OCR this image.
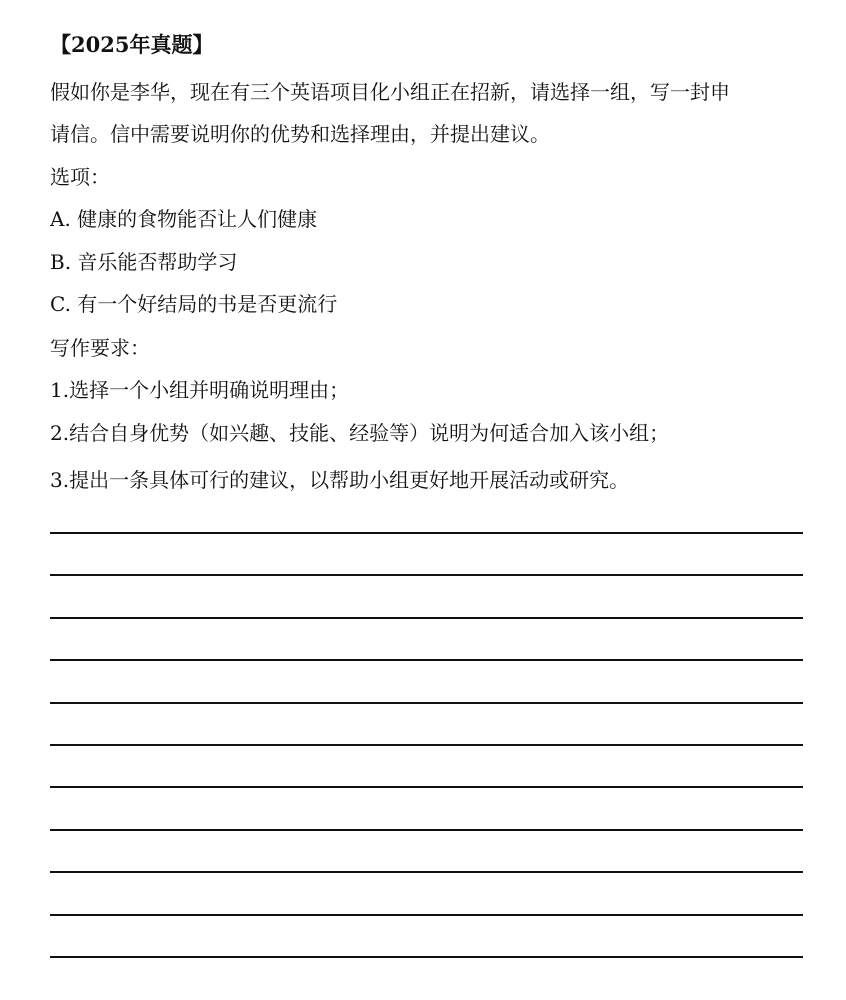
【2025年真题】
假如你是李华，现在有三个英语项目化小组正在招新，请选择一组，写一封申
请信。信中需要说明你的优势和选择理由，并提出建议。
选项：
A. 健康的食物能否让人们健康
B. 音乐能否帮助学习
C. 有一个好结局的书是否更流行
写作要求：
1.选择一个小组并明确说明理由；
2.结合自身优势（如兴趣、技能、经验等）说明为何适合加入该小组；
3.提出一条具体可行的建议，以帮助小组更好地开展活动或研究。
